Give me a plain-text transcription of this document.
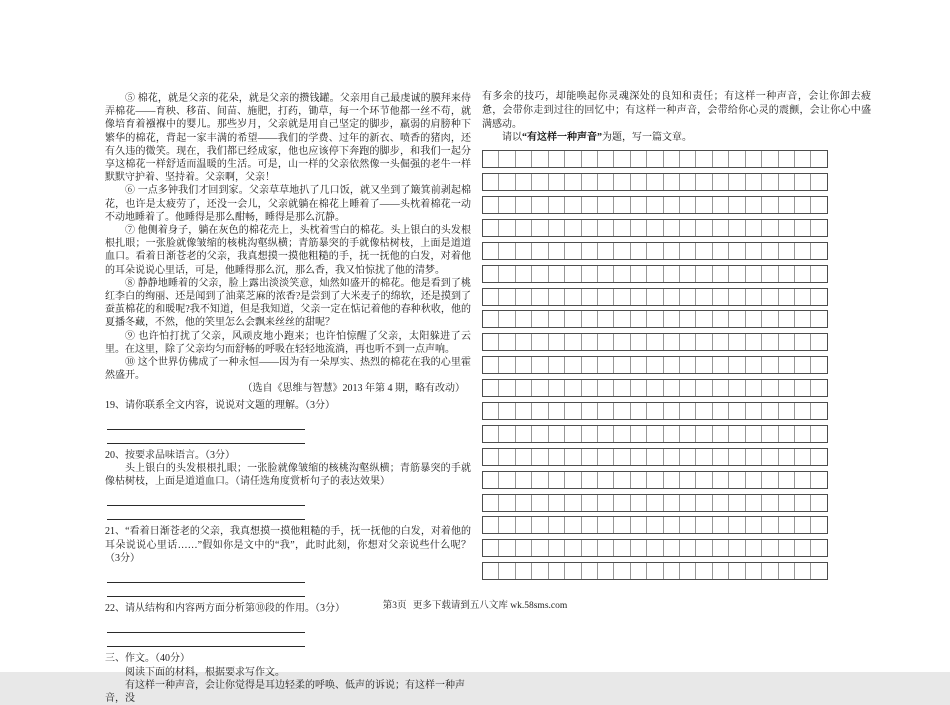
⑤ 棉花，就是父亲的花朵，就是父亲的攒钱罐。父亲用自己最虔诚的膜拜来侍弄棉花——育秧、移苗、间苗、施肥，打药，锄草，每一个环节他都一丝不苟，就像培育着襁褓中的婴儿。那些岁月，父亲就是用自己坚定的脚步，羸弱的肩膀种下繁华的棉花，背起一家丰满的希望——我们的学费、过年的新衣、喷香的猪肉，还有久违的微笑。现在，我们都已经成家，他也应该停下奔跑的脚步，和我们一起分享这棉花一样舒适而温暖的生活。可是，山一样的父亲依然像一头倔强的老牛一样默默守护着、坚持着。父亲啊，父亲！

⑥ 一点多钟我们才回到家。父亲草草地扒了几口饭，就又坐到了簸箕前剥起棉花，也许是太疲劳了，还没一会儿，父亲就躺在棉花上睡着了——头枕着棉花一动不动地睡着了。他睡得是那么酣畅，睡得是那么沉静。

⑦ 他侧着身子，躺在灰色的棉花壳上，头枕着雪白的棉花。头上银白的头发根根扎眼；一张脸就像皱缩的核桃沟壑纵横；青筋暴突的手就像枯树枝，上面是道道血口。看着日渐苍老的父亲，我真想摸一摸他粗糙的手，抚一抚他的白发，对着他的耳朵说说心里话，可是，他睡得那么沉，那么香，我又怕惊扰了他的清梦。

⑧ 静静地睡着的父亲，脸上露出淡淡笑意，灿然如盛开的棉花。他是看到了桃红李白的绚丽、还是闻到了油菜芝麻的浓香?是尝到了大米麦子的绵软，还是摸到了蚕茧棉花的和暖呢?我不知道，但是我知道，父亲一定在惦记着他的春种秋收，他的夏播冬藏，不然，他的笑里怎么会飘来丝丝的甜呢？

⑨ 也许怕打扰了父亲，风顽皮地小跑来；也许怕惊醒了父亲，太阳躲进了云里。在这里，除了父亲均匀而舒畅的呼吸在轻轻地流淌，再也听不到一点声响。

⑩ 这个世界仿佛成了一种永恒——因为有一朵厚实、热烈的棉花在我的心里霍然盛开。

（选自《思维与智慧》2013 年第 4 期，略有改动）
19、请你联系全文内容，说说对文题的理解。（3分）
20、按要求品味语言。（3分）
头上银白的头发根根扎眼；一张脸就像皱缩的核桃沟壑纵横；青筋暴突的手就像枯树枝，上面是道道血口。（请任选角度赏析句子的表达效果）
21、“看着日渐苍老的父亲，我真想摸一摸他粗糙的手，抚一抚他的白发，对着他的耳朵说说心里话……”假如你是文中的“我”，此时此刻，你想对父亲说些什么呢？（3分）
22、请从结构和内容两方面分析第⑩段的作用。（3分）
三、作文。（40分）
阅读下面的材料，根据要求写作文。
有这样一种声音，会让你觉得是耳边轻柔的呼唤、低声的诉说；有这样一种声音，没
有多余的技巧，却能唤起你灵魂深处的良知和责任；有这样一种声音，会让你卸去疲惫，会带你走到过往的回忆中；有这样一种声音，会带给你心灵的震颤，会让你心中盛满感动。
请以“有这样一种声音”为题，写一篇文章。
第3页 更多下载请到五八文库 wk.58sms.com
